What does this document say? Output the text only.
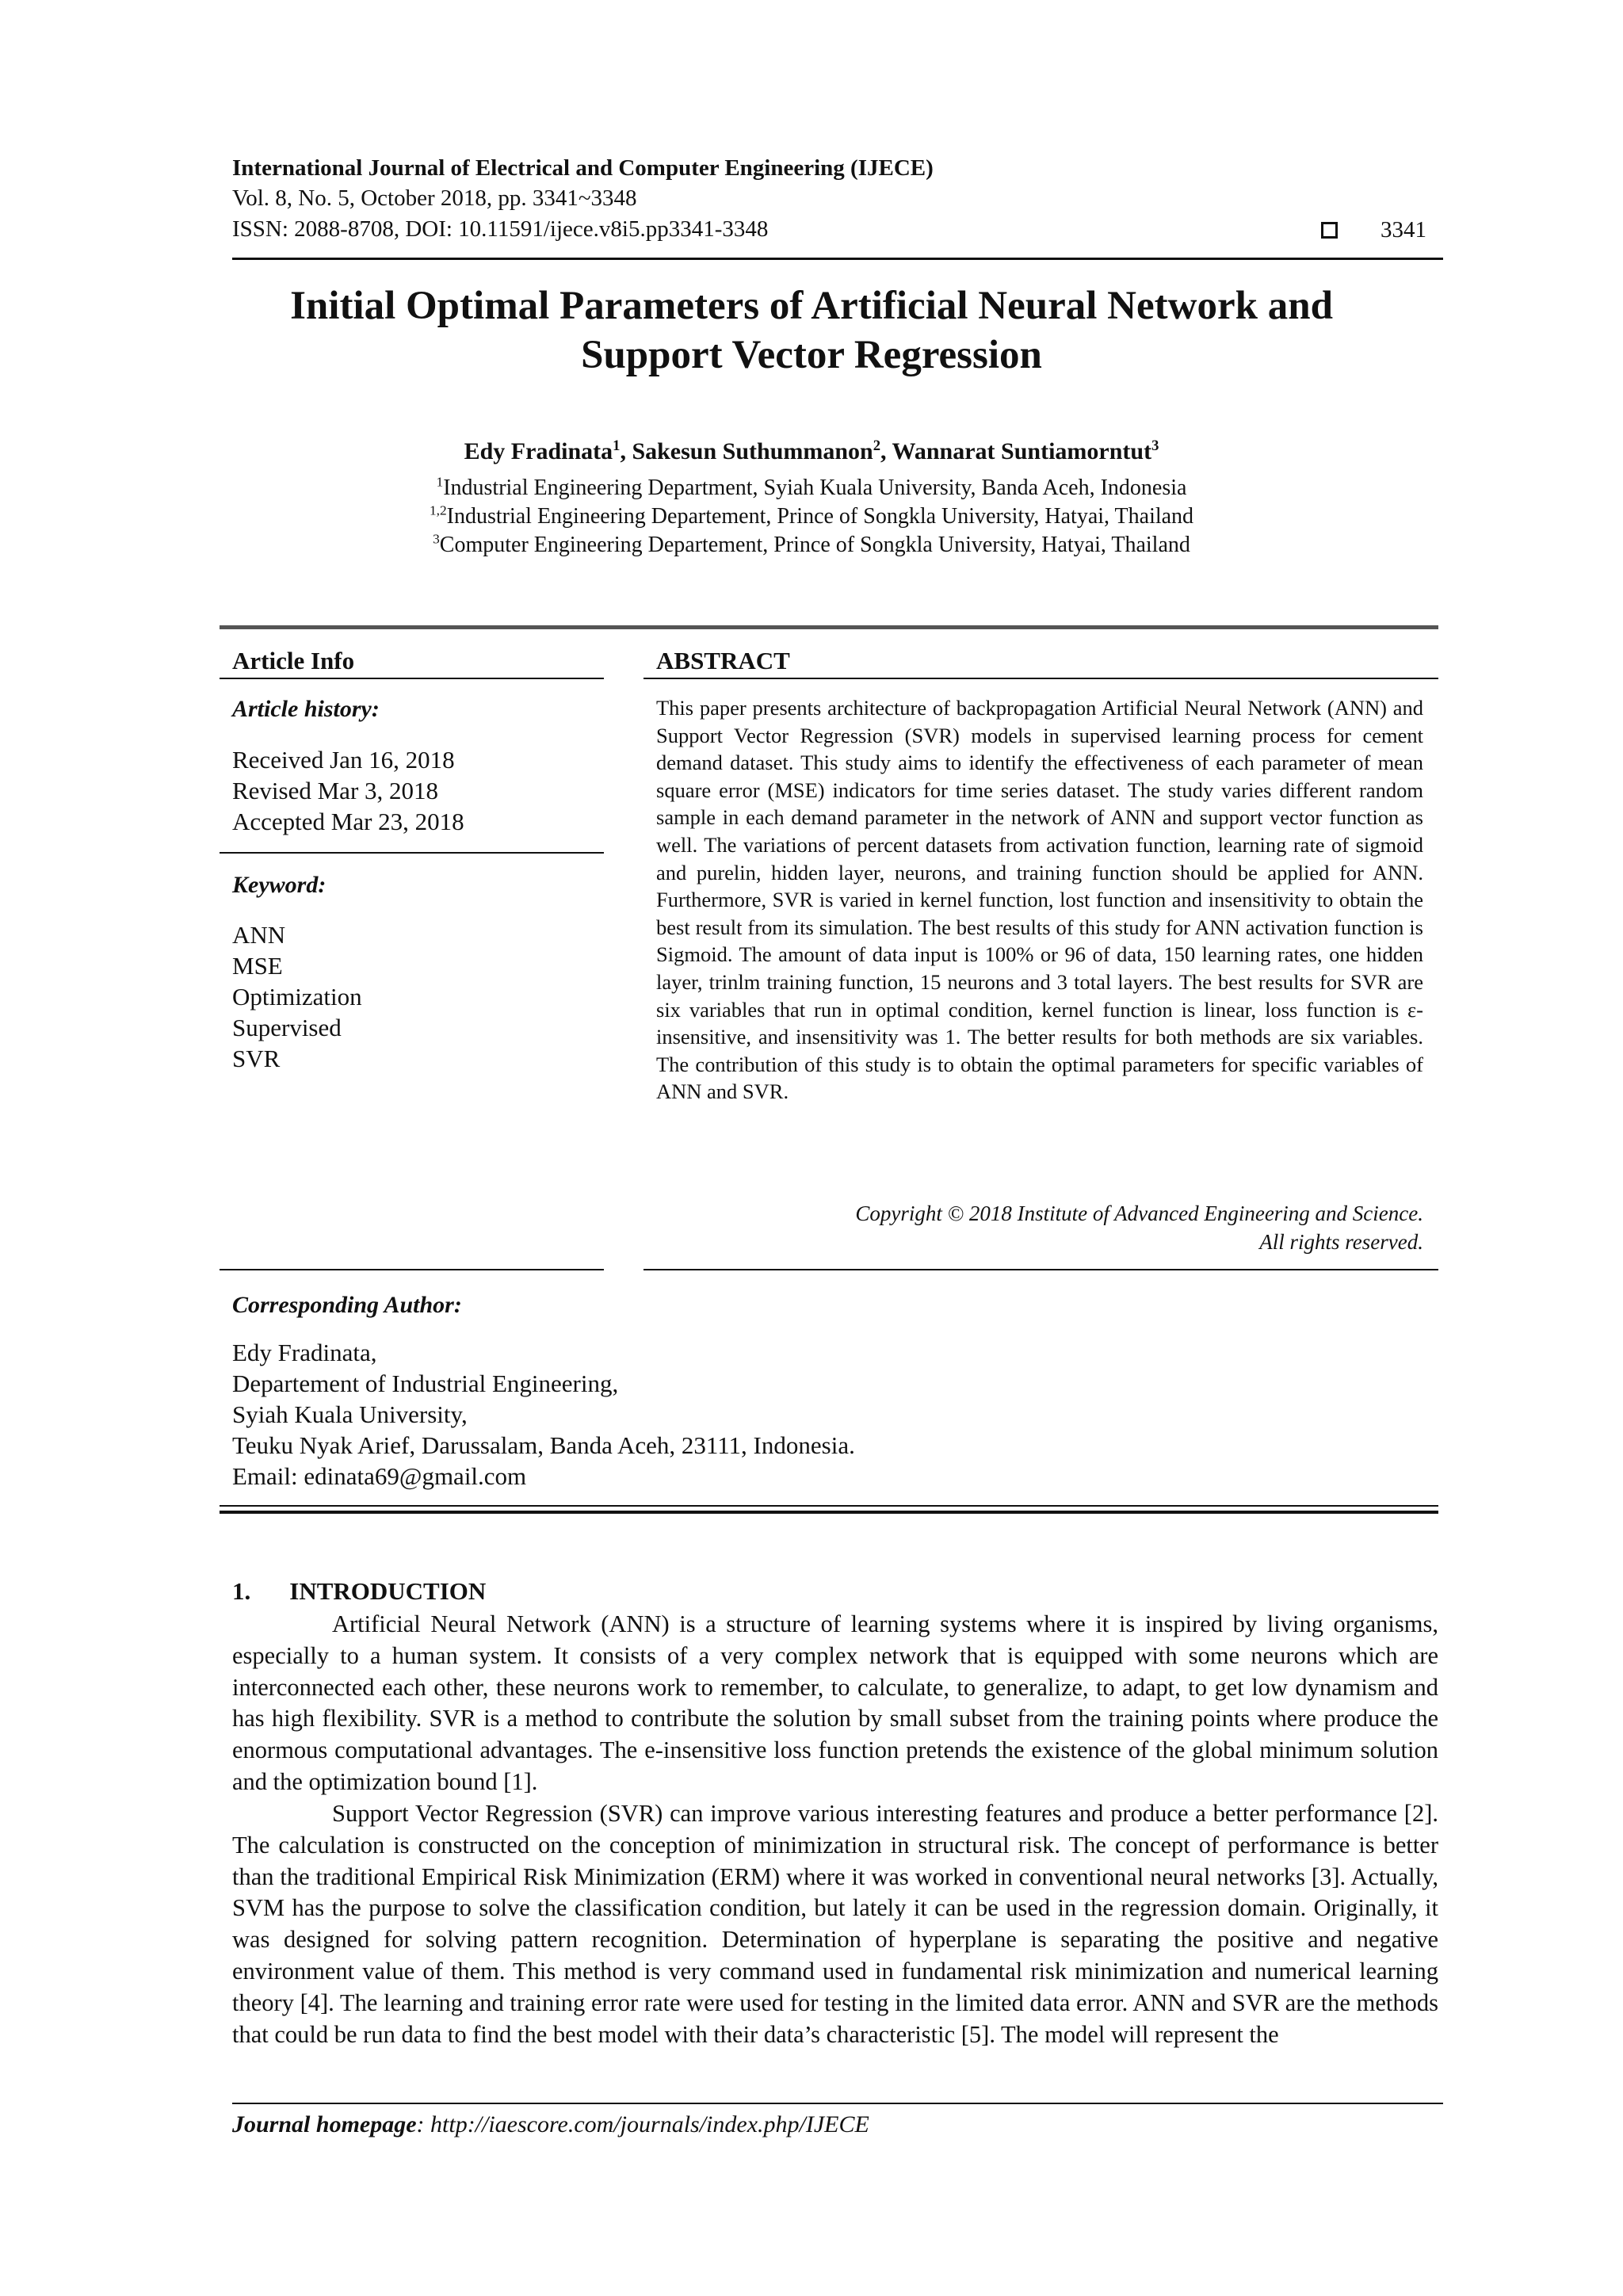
International Journal of Electrical and Computer Engineering (IJECE)
Vol. 8, No. 5, October 2018, pp. 3341~3348
ISSN: 2088-8708, DOI: 10.11591/ijece.v8i5.pp3341-3348	3341
Initial Optimal Parameters of Artificial Neural Network and
Support Vector Regression
Edy Fradinata$^1$, Sakesun Suthummanon$^2$, Wannarat Suntiamorntut$^3$
$^1$Industrial Engineering Department, Syiah Kuala University, Banda Aceh, Indonesia
$^{1,2}$Industrial Engineering Departement, Prince of Songkla University, Hatyai, Thailand
$^3$Computer Engineering Departement, Prince of Songkla University, Hatyai, Thailand
Article Info
Article history:
Received Jan 16, 2018
Revised Mar 3, 2018
Accepted Mar 23, 2018
Keyword:
ANN
MSE
Optimization
Supervised
SVR
ABSTRACT
This paper presents architecture of backpropagation Artificial Neural Network (ANN) and Support Vector Regression (SVR) models in supervised learning process for cement demand dataset. This study aims to identify the effectiveness of each parameter of mean square error (MSE) indicators for time series dataset. The study varies different random sample in each demand parameter in the network of ANN and support vector function as well. The variations of percent datasets from activation function, learning rate of sigmoid and purelin, hidden layer, neurons, and training function should be applied for ANN. Furthermore, SVR is varied in kernel function, lost function and insensitivity to obtain the best result from its simulation. The best results of this study for ANN activation function is Sigmoid. The amount of data input is 100% or 96 of data, 150 learning rates, one hidden layer, trinlm training function, 15 neurons and 3 total layers. The best results for SVR are six variables that run in optimal condition, kernel function is linear, loss function is ε-insensitive, and insensitivity was 1. The better results for both methods are six variables. The contribution of this study is to obtain the optimal parameters for specific variables of ANN and SVR.
Copyright © 2018 Institute of Advanced Engineering and Science.
All rights reserved.
Corresponding Author:
Edy Fradinata,
Departement of Industrial Engineering,
Syiah Kuala University,
Teuku Nyak Arief, Darussalam, Banda Aceh, 23111, Indonesia.
Email: edinata69@gmail.com
1. INTRODUCTION
Artificial Neural Network (ANN) is a structure of learning systems where it is inspired by living organisms, especially to a human system. It consists of a very complex network that is equipped with some neurons which are interconnected each other, these neurons work to remember, to calculate, to generalize, to adapt, to get low dynamism and has high flexibility. SVR is a method to contribute the solution by small subset from the training points where produce the enormous computational advantages. The e-insensitive loss function pretends the existence of the global minimum solution and the optimization bound [1].
Support Vector Regression (SVR) can improve various interesting features and produce a better performance [2]. The calculation is constructed on the conception of minimization in structural risk. The concept of performance is better than the traditional Empirical Risk Minimization (ERM) where it was worked in conventional neural networks [3]. Actually, SVM has the purpose to solve the classification condition, but lately it can be used in the regression domain. Originally, it was designed for solving pattern recognition. Determination of hyperplane is separating the positive and negative environment value of them. This method is very command used in fundamental risk minimization and numerical learning theory [4]. The learning and training error rate were used for testing in the limited data error. ANN and SVR are the methods that could be run data to find the best model with their data’s characteristic [5]. The model will represent the
Journal homepage: http://iaescore.com/journals/index.php/IJECE
